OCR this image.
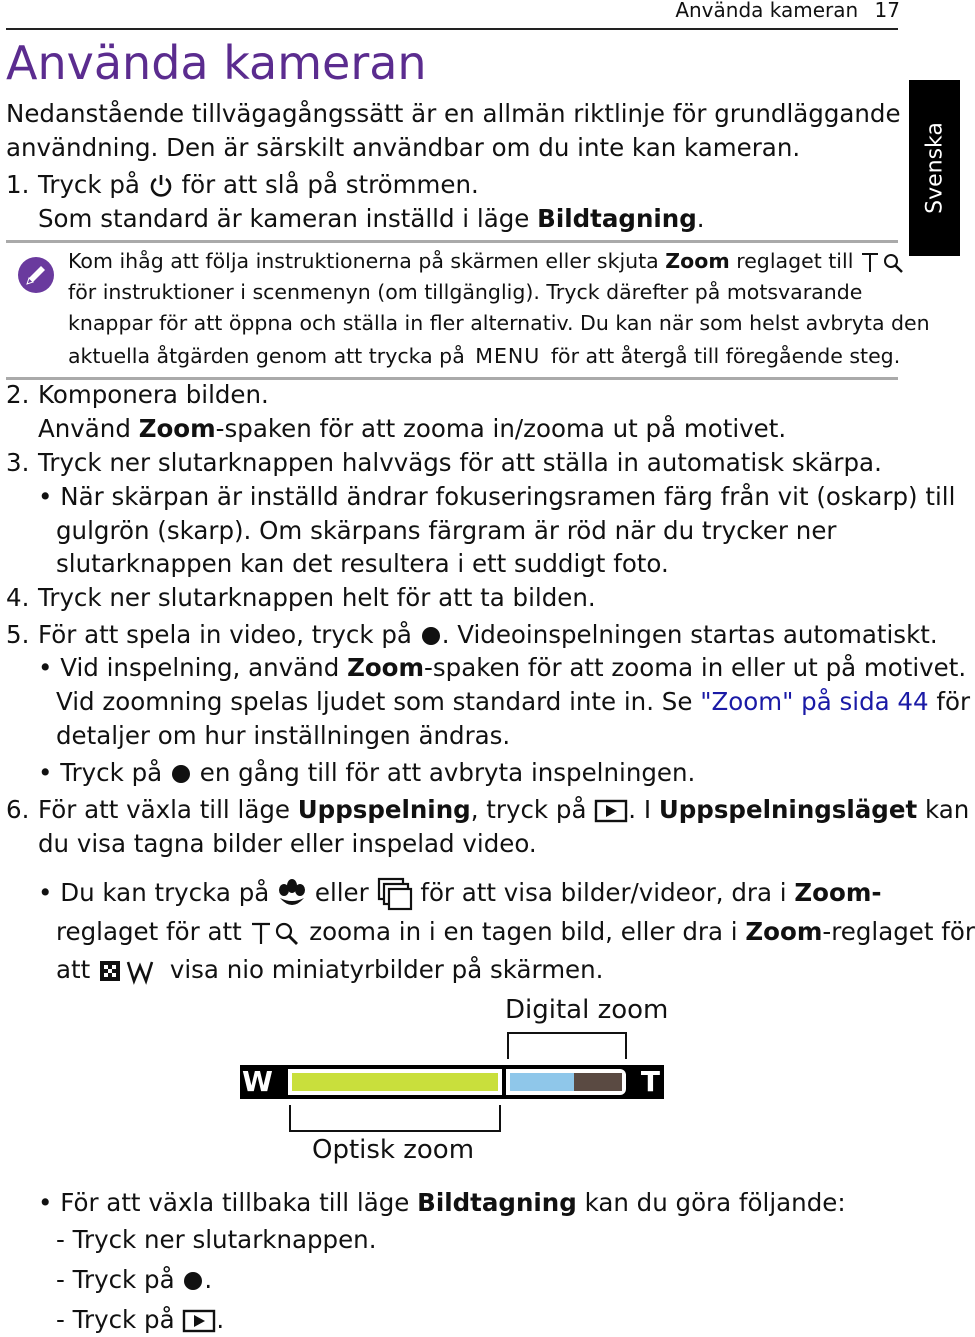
Använda kameran 17
Svenska
Använda kameran
Nedanstående tillvägagångssätt är en allmän riktlinje för grundläggande
användning. Den är särskilt användbar om du inte kan kameran.
1. Tryck på för att slå på strömmen.
Som standard är kameran inställd i läge Bildtagning.
Kom ihåg att följa instruktionerna på skärmen eller skjuta Zoom reglaget till
för instruktioner i scenmenyn (om tillgänglig). Tryck därefter på motsvarande
knappar för att öppna och ställa in fler alternativ. Du kan när som helst avbryta den
aktuella åtgärden genom att trycka på MENU för att återgå till föregående steg.
2. Komponera bilden.
Använd Zoom-spaken för att zooma in/zooma ut på motivet.
3. Tryck ner slutarknappen halvvägs för att ställa in automatisk skärpa.
• När skärpan är inställd ändrar fokuseringsramen färg från vit (oskarp) till
gulgrön (skarp). Om skärpans färgram är röd när du trycker ner
slutarknappen kan det resultera i ett suddigt foto.
4. Tryck ner slutarknappen helt för att ta bilden.
5. För att spela in video, tryck på . Videoinspelningen startas automatiskt.
• Vid inspelning, använd Zoom-spaken för att zooma in eller ut på motivet.
Vid zoomning spelas ljudet som standard inte in. Se "Zoom" på sida 44 för
detaljer om hur inställningen ändras.
• Tryck på en gång till för att avbryta inspelningen.
6. För att växla till läge Uppspelning, tryck på . I Uppspelningsläget kan
du visa tagna bilder eller inspelad video.
• Du kan trycka på eller för att visa bilder/videor, dra i Zoom-
reglaget för att	zooma in i en tagen bild, eller dra i Zoom-reglaget för
att	visa nio miniatyrbilder på skärmen.
Digital zoom
W	T
Optisk zoom
• För att växla tillbaka till läge Bildtagning kan du göra följande:
- Tryck ner slutarknappen.
- Tryck på .
- Tryck på .
